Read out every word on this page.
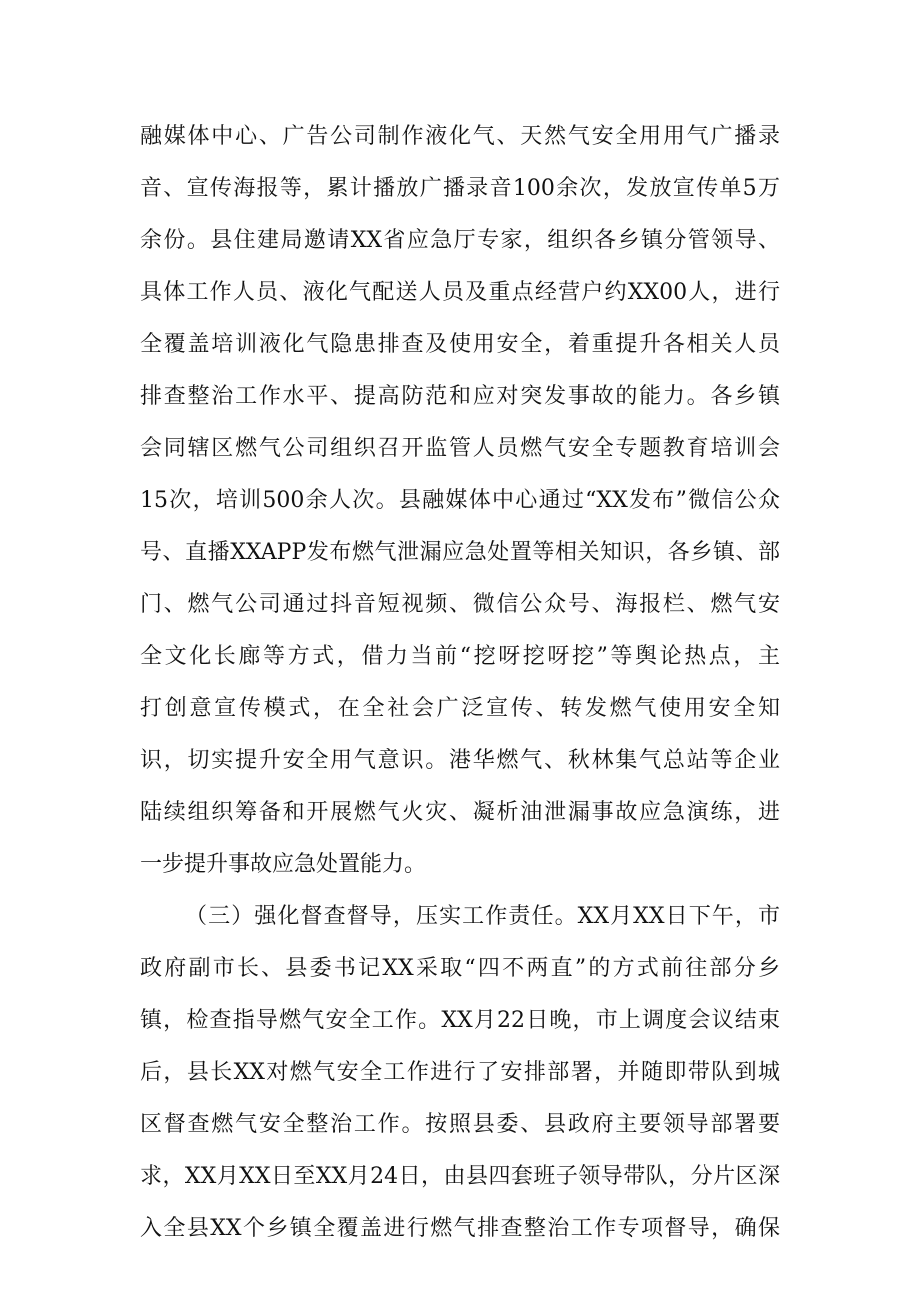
融媒体中心、广告公司制作液化气、天然气安全用用气广播录
音、宣传海报等，累计播放广播录音100余次，发放宣传单5万
余份。县住建局邀请XX省应急厅专家，组织各乡镇分管领导、
具体工作人员、液化气配送人员及重点经营户约XX00人，进行
全覆盖培训液化气隐患排查及使用安全，着重提升各相关人员
排查整治工作水平、提高防范和应对突发事故的能力。各乡镇
会同辖区燃气公司组织召开监管人员燃气安全专题教育培训会
15次，培训500余人次。县融媒体中心通过“XX发布”微信公众
号、直播XXAPP发布燃气泄漏应急处置等相关知识，各乡镇、部
门、燃气公司通过抖音短视频、微信公众号、海报栏、燃气安
全文化长廊等方式，借力当前“挖呀挖呀挖”等舆论热点，主
打创意宣传模式，在全社会广泛宣传、转发燃气使用安全知
识，切实提升安全用气意识。港华燃气、秋林集气总站等企业
陆续组织筹备和开展燃气火灾、凝析油泄漏事故应急演练，进
一步提升事故应急处置能力。
（三）强化督查督导，压实工作责任。XX月XX日下午，市
政府副市长、县委书记XX采取“四不两直”的方式前往部分乡
镇，检查指导燃气安全工作。XX月22日晚，市上调度会议结束
后，县长XX对燃气安全工作进行了安排部署，并随即带队到城
区督查燃气安全整治工作。按照县委、县政府主要领导部署要
求，XX月XX日至XX月24日，由县四套班子领导带队，分片区深
入全县XX个乡镇全覆盖进行燃气排查整治工作专项督导，确保
